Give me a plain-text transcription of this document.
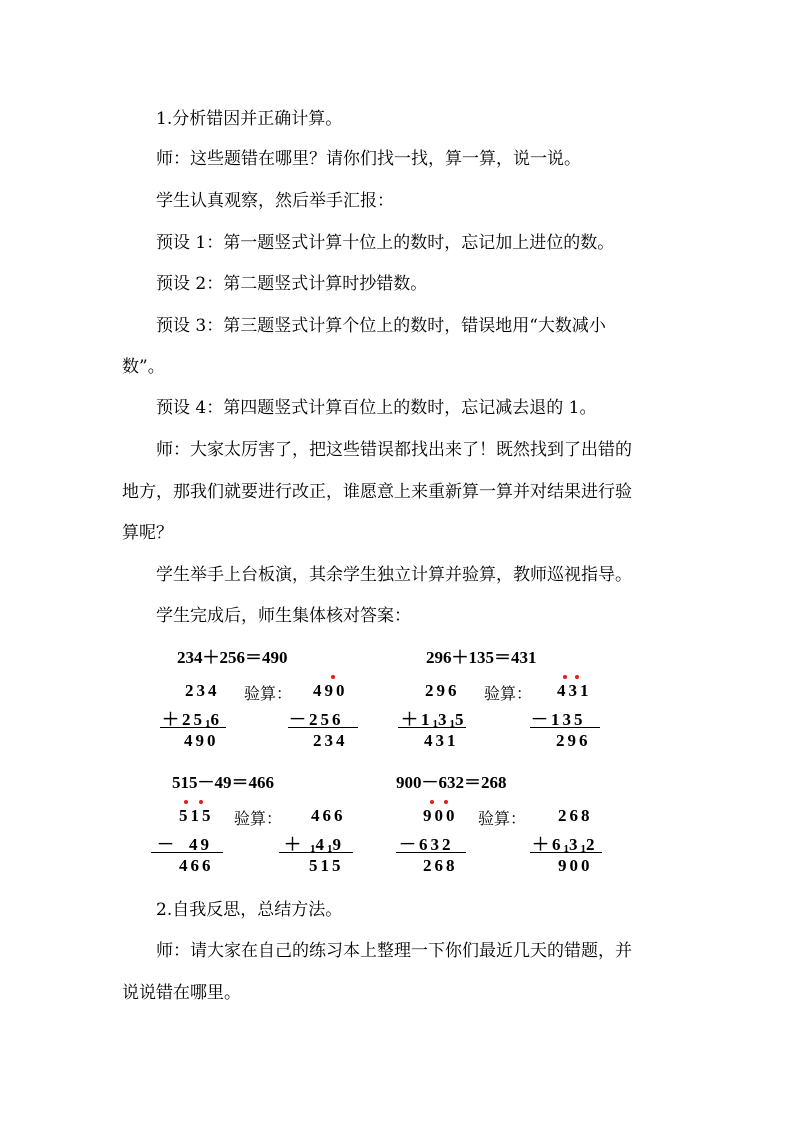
1.分析错因并正确计算。
师：这些题错在哪里？请你们找一找，算一算，说一说。
学生认真观察，然后举手汇报：
预设 1：第一题竖式计算十位上的数时，忘记加上进位的数。
预设 2：第二题竖式计算时抄错数。
预设 3：第三题竖式计算个位上的数时，错误地用“大数减小
数”。
预设 4：第四题竖式计算百位上的数时，忘记减去退的 1。
师：大家太厉害了，把这些错误都找出来了！既然找到了出错的
地方，那我们就要进行改正，谁愿意上来重新算一算并对结果进行验
算呢？
学生举手上台板演，其余学生独立计算并验算，教师巡视指导。
学生完成后，师生集体核对答案：
234＋256＝490
234
＋2516
490
验算： 490
－256
234
296＋135＝431
296
＋11315
431
验算： 431
－135
296
515－49＝466
515
－ 49
466
验算： 466
＋ 1419
515
900－632＝268
900
－632
268
验算： 268
＋61312
900
2.自我反思，总结方法。
师：请大家在自己的练习本上整理一下你们最近几天的错题，并
说说错在哪里。
